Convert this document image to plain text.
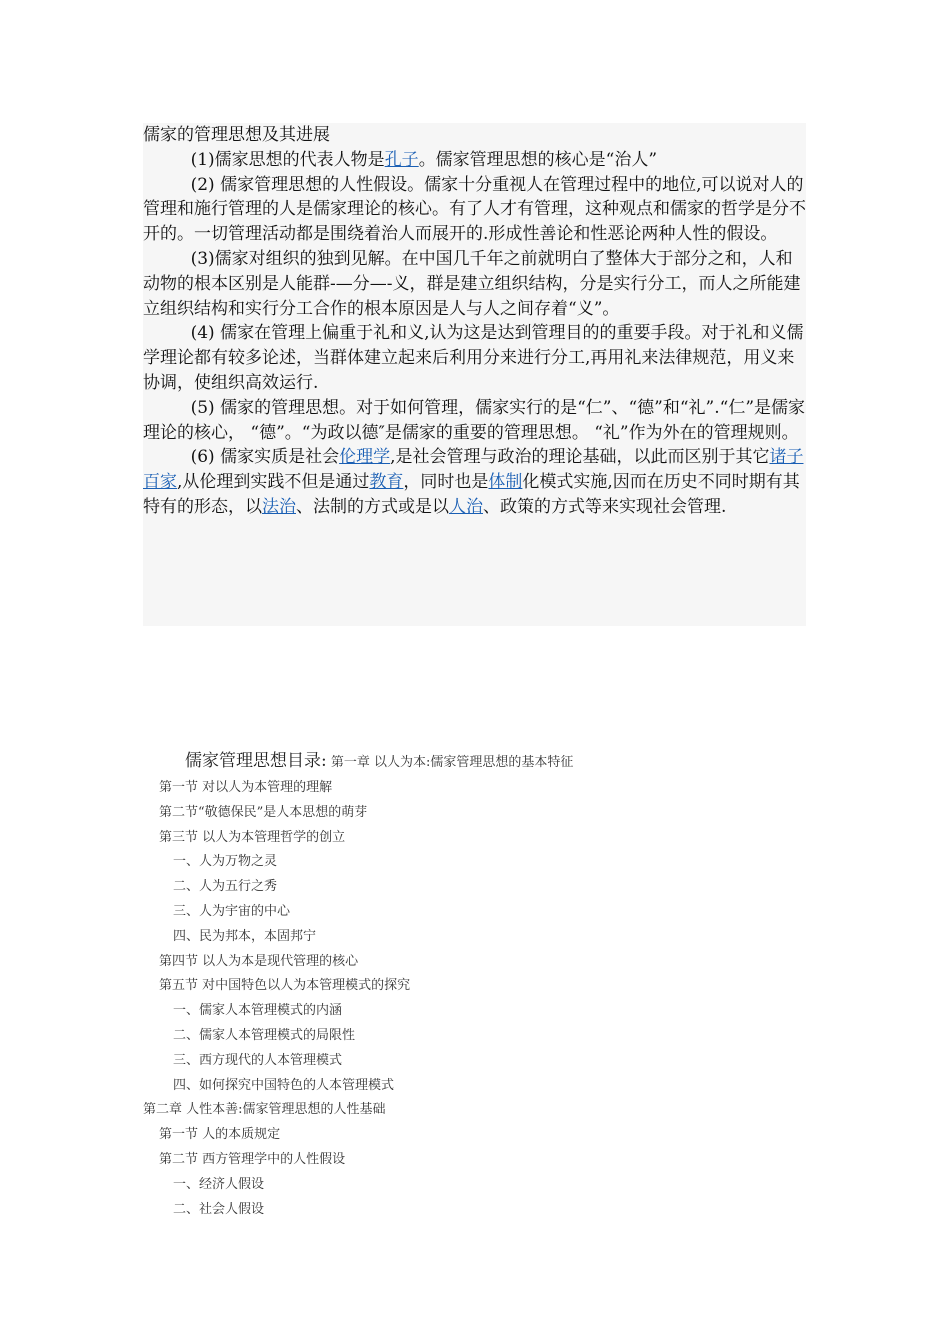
儒家的管理思想及其进展

(1)儒家思想的代表人物是孔子。儒家管理思想的核心是“治人”

(2) 儒家管理思想的人性假设。儒家十分重视人在管理过程中的地位,可以说对人的管理和施行管理的人是儒家理论的核心。有了人才有管理，这种观点和儒家的哲学是分不开的。一切管理活动都是围绕着治人而展开的.形成性善论和性恶论两种人性的假设。

(3)儒家对组织的独到见解。在中国几千年之前就明白了整体大于部分之和，人和动物的根本区别是人能群-—分—-义，群是建立组织结构，分是实行分工，而人之所能建立组织结构和实行分工合作的根本原因是人与人之间存着“义”。

(4) 儒家在管理上偏重于礼和义,认为这是达到管理目的的重要手段。对于礼和义儒学理论都有较多论述，当群体建立起来后利用分来进行分工,再用礼来法律规范，用义来协调，使组织高效运行.

(5) 儒家的管理思想。对于如何管理，儒家实行的是“仁”、“德”和“礼”.“仁”是儒家理论的核心， “德”。“为政以德″是儒家的重要的管理思想。 “礼”作为外在的管理规则。

(6) 儒家实质是社会伦理学,是社会管理与政治的理论基础，以此而区别于其它诸子百家,从伦理到实践不但是通过教育，同时也是体制化模式实施,因而在历史不同时期有其特有的形态，以法治、法制的方式或是以人治、政策的方式等来实现社会管理.

儒家管理思想目录: 第一章 以人为本:儒家管理思想的基本特征
第一节 对以人为本管理的理解
第二节“敬德保民”是人本思想的萌芽
第三节 以人为本管理哲学的创立
一、人为万物之灵
二、人为五行之秀
三、人为宇宙的中心
四、民为邦本，本固邦宁
第四节 以人为本是现代管理的核心
第五节 对中国特色以人为本管理模式的探究
一、儒家人本管理模式的内涵
二、儒家人本管理模式的局限性
三、西方现代的人本管理模式
四、如何探究中国特色的人本管理模式
第二章 人性本善:儒家管理思想的人性基础
第一节 人的本质规定
第二节 西方管理学中的人性假设
一、经济人假设
二、社会人假设
